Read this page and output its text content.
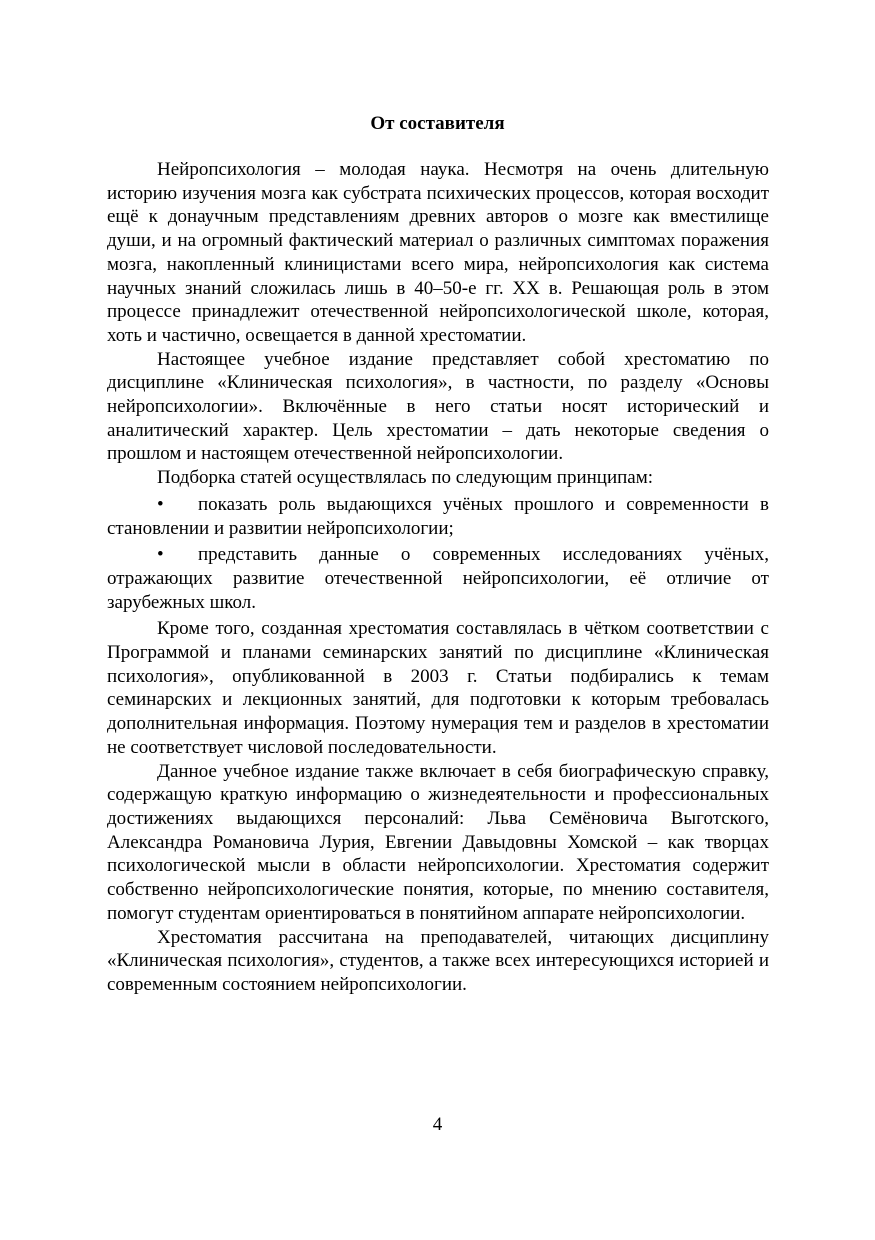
От составителя

Нейропсихология – молодая наука. Несмотря на очень длительную историю изучения мозга как субстрата психических процессов, которая восходит ещё к донаучным представлениям древних авторов о мозге как вместилище души, и на огромный фактический материал о различных симптомах поражения мозга, накопленный клиницистами всего мира, нейропсихология как система научных знаний сложилась лишь в 40–50-е гг. XX в. Решающая роль в этом процессе принадлежит отечественной нейропсихологической школе, которая, хоть и частично, освещается в данной хрестоматии.

Настоящее учебное издание представляет собой хрестоматию по дисциплине «Клиническая психология», в частности, по разделу «Основы нейропсихологии». Включённые в него статьи носят исторический и аналитический характер. Цель хрестоматии – дать некоторые сведения о прошлом и настоящем отечественной нейропсихологии.

Подборка статей осуществлялась по следующим принципам:

• показать роль выдающихся учёных прошлого и современности в становлении и развитии нейропсихологии;
• представить данные о современных исследованиях учёных, отражающих развитие отечественной нейропсихологии, её отличие от зарубежных школ.

Кроме того, созданная хрестоматия составлялась в чётком соответствии с Программой и планами семинарских занятий по дисциплине «Клиническая психология», опубликованной в 2003 г. Статьи подбирались к темам семинарских и лекционных занятий, для подготовки к которым требовалась дополнительная информация. Поэтому нумерация тем и разделов в хрестоматии не соответствует числовой последовательности.

Данное учебное издание также включает в себя биографическую справку, содержащую краткую информацию о жизнедеятельности и профессиональных достижениях выдающихся персоналий: Льва Семёновича Выготского, Александра Романовича Лурия, Евгении Давыдовны Хомской – как творцах психологической мысли в области нейропсихологии. Хрестоматия содержит собственно нейропсихологические понятия, которые, по мнению составителя, помогут студентам ориентироваться в понятийном аппарате нейропсихологии.

Хрестоматия рассчитана на преподавателей, читающих дисциплину «Клиническая психология», студентов, а также всех интересующихся историей и современным состоянием нейропсихологии.

4
